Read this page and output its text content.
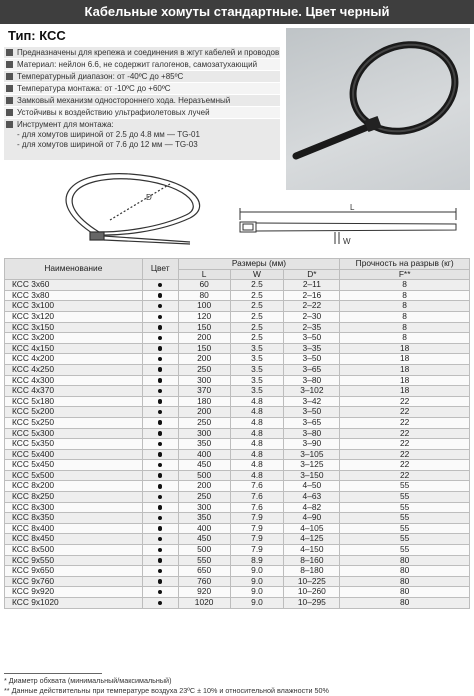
Кабельные хомуты стандартные. Цвет черный
Тип: КСС
Предназначены для крепежа и соединения в жгут кабелей и проводов
Материал: нейлон 6.6, не содержит галогенов, самозатухающий
Температурный диапазон: от -40ºС до +85ºС
Температура монтажа: от -10ºС до +60ºС
Замковый механизм одностороннего хода. Неразъемный
Устойчивы к воздействию ультрафиолетовых лучей
Инструмент для монтажа:
- для хомутов шириной от 2.5 до 4.8 мм — TG-01
- для хомутов шириной от 7.6 до 12 мм — TG-03
D
L
W
Наименование	Цвет	Размеры (мм)			Прочность на разрыв (кг)
		L	W	D*	F**
КСС 3х60		60	2.5	2–11	8
КСС 3х80		80	2.5	2–16	8
КСС 3х100		100	2.5	2–22	8
КСС 3х120		120	2.5	2–30	8
КСС 3х150		150	2.5	2–35	8
КСС 3х200		200	2.5	3–50	8
КСС 4х150		150	3.5	3–35	18
КСС 4х200		200	3.5	3–50	18
КСС 4х250		250	3.5	3–65	18
КСС 4х300		300	3.5	3–80	18
КСС 4х370		370	3.5	3–102	18
КСС 5х180		180	4.8	3–42	22
КСС 5х200		200	4.8	3–50	22
КСС 5х250		250	4.8	3–65	22
КСС 5х300		300	4.8	3–80	22
КСС 5х350		350	4.8	3–90	22
КСС 5х400		400	4.8	3–105	22
КСС 5х450		450	4.8	3–125	22
КСС 5х500		500	4.8	3–150	22
КСС 8х200		200	7.6	4–50	55
КСС 8х250		250	7.6	4–63	55
КСС 8х300		300	7.6	4–82	55
КСС 8х350		350	7.9	4–90	55
КСС 8х400		400	7.9	4–105	55
КСС 8х450		450	7.9	4–125	55
КСС 8х500		500	7.9	4–150	55
КСС 9х550		550	8.9	8–160	80
КСС 9х650		650	9.0	8–180	80
КСС 9х760		760	9.0	10–225	80
КСС 9х920		920	9.0	10–260	80
КСС 9х1020		1020	9.0	10–295	80
* Диаметр обхвата (минимальный/максимальный)
** Данные действительны при температуре воздуха 23ºС ± 10% и относительной влажности 50%
